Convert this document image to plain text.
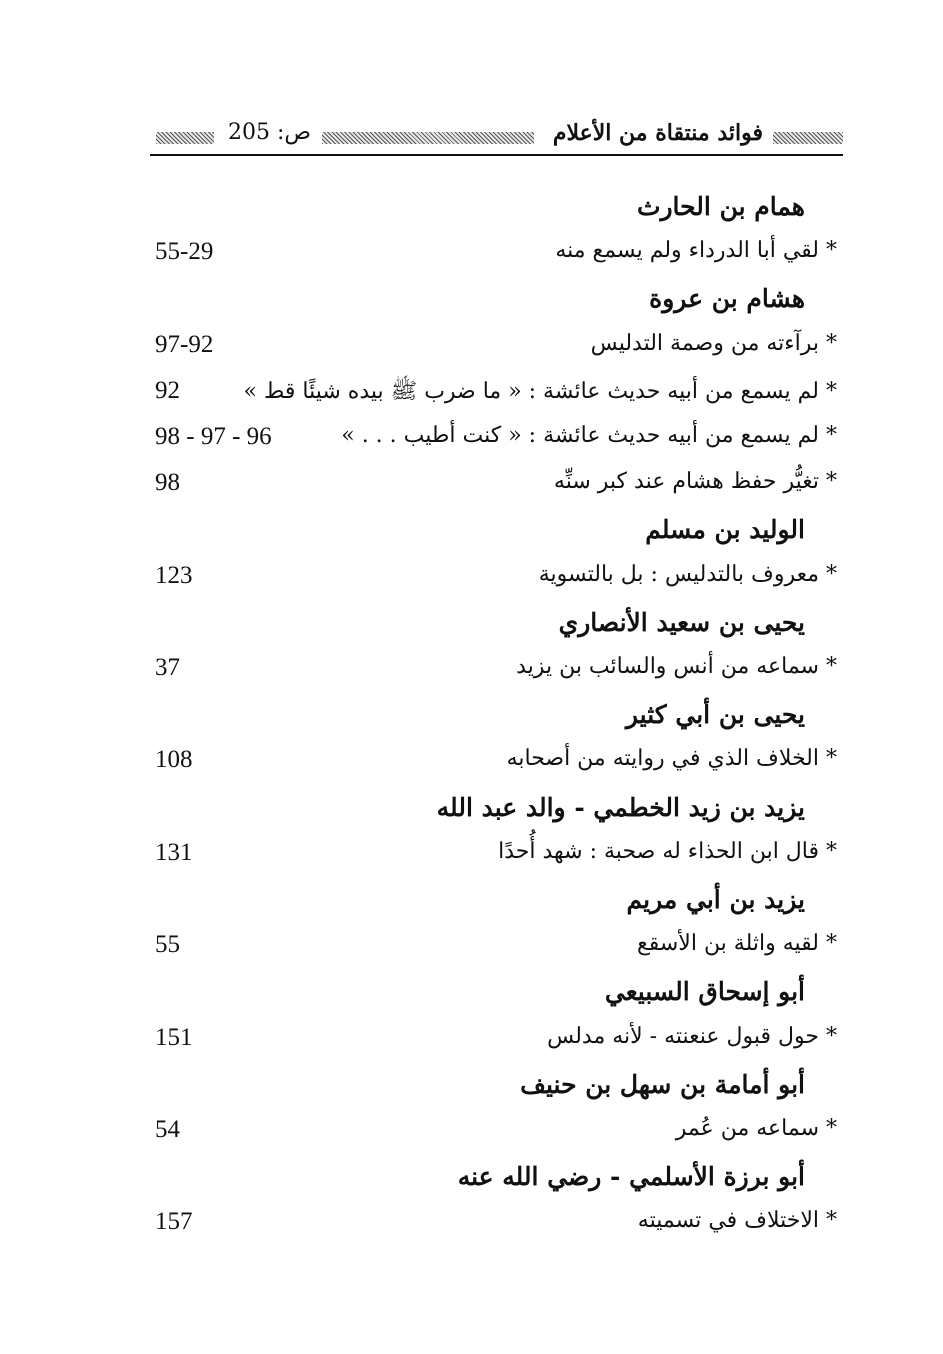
فوائد منتقاة من الأعلام
ص: 205
همام بن الحارث
* لقي أبا الدرداء ولم يسمع منه
55-29
هشام بن عروة
* برآءته من وصمة التدليس
97-92
* لم يسمع من أبيه حديث عائشة : « ما ضرب ﷺ بيده شيئًا قط »
92
* لم يسمع من أبيه حديث عائشة : « كنت أطيب . . . »
98 - 97 - 96
* تغيُّر حفظ هشام عند كبر سنِّه
98
الوليد بن مسلم
* معروف بالتدليس : بل بالتسوية
123
يحيى بن سعيد الأنصاري
* سماعه من أنس والسائب بن يزيد
37
يحيى بن أبي كثير
* الخلاف الذي في روايته من أصحابه
108
يزيد بن زيد الخطمي - والد عبد الله
* قال ابن الحذاء له صحبة : شهد أُحدًا
131
يزيد بن أبي مريم
* لقيه واثلة بن الأسقع
55
أبو إسحاق السبيعي
* حول قبول عنعنته - لأنه مدلس
151
أبو أمامة بن سهل بن حنيف
* سماعه من عُمر
54
أبو برزة الأسلمي - رضي الله عنه
* الاختلاف في تسميته
157
